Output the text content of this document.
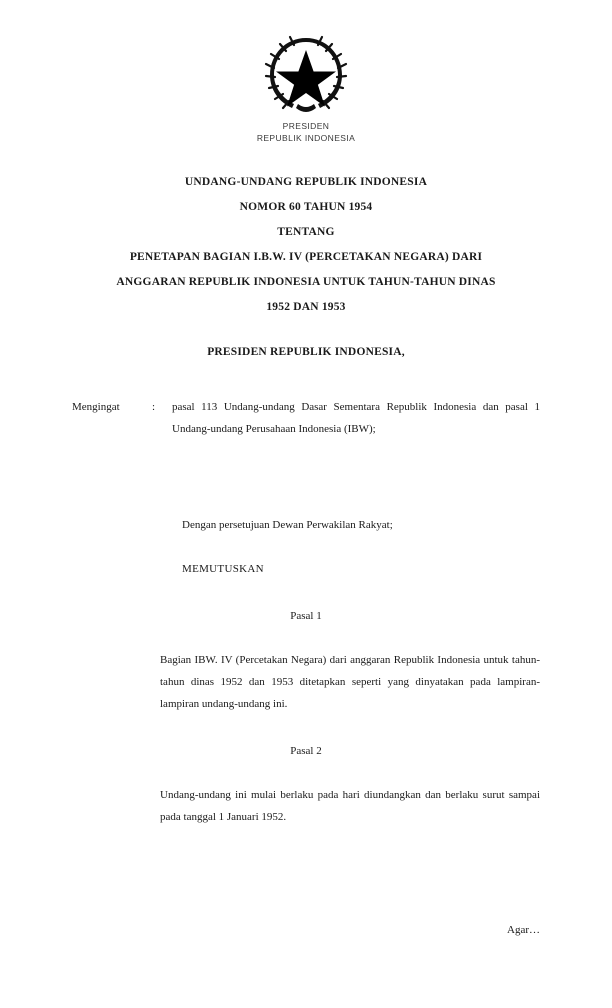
PRESIDEN
REPUBLIK INDONESIA
UNDANG-UNDANG REPUBLIK INDONESIA
NOMOR 60 TAHUN 1954
TENTANG
PENETAPAN BAGIAN I.B.W. IV (PERCETAKAN NEGARA) DARI
ANGGARAN REPUBLIK INDONESIA UNTUK TAHUN-TAHUN DINAS
1952 DAN 1953
PRESIDEN REPUBLIK INDONESIA,
Mengingat	:	pasal 113 Undang-undang Dasar Sementara Republik Indonesia dan pasal 1 Undang-undang Perusahaan Indonesia (IBW);
Dengan persetujuan Dewan Perwakilan Rakyat;
MEMUTUSKAN
Pasal 1
Bagian IBW. IV (Percetakan Negara) dari anggaran Republik Indonesia untuk tahun-tahun dinas 1952 dan 1953 ditetapkan seperti yang dinyatakan pada lampiran-lampiran undang-undang ini.
Pasal 2
Undang-undang ini mulai berlaku pada hari diundangkan dan berlaku surut sampai pada tanggal 1 Januari 1952.
Agar…
